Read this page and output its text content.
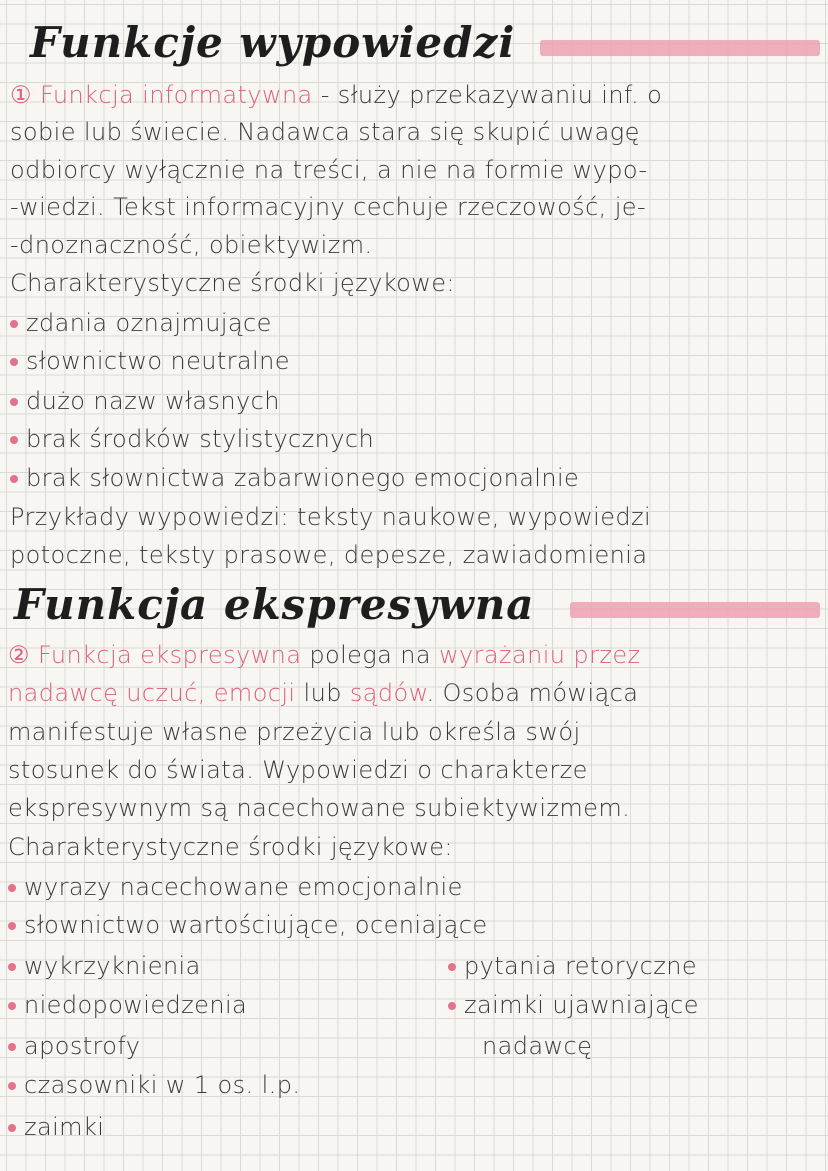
Funkcje wypowiedzi
Funkcja ekspresywna
① Funkcja informatywna - służy przekazywaniu inf. o
sobie lub świecie. Nadawca stara się skupić uwagę
odbiorcy wyłącznie na treści, a nie na formie wypo-
-wiedzi. Tekst informacyjny cechuje rzeczowość, je-
-dnoznaczność, obiektywizm.
Charakterystyczne środki językowe:
zdania oznajmujące
słownictwo neutralne
dużo nazw własnych
brak środków stylistycznych
brak słownictwa zabarwionego emocjonalnie
Przykłady wypowiedzi: teksty naukowe, wypowiedzi
potoczne, teksty prasowe, depesze, zawiadomienia
② Funkcja ekspresywna polega na wyrażaniu przez
nadawcę uczuć, emocji lub sądów. Osoba mówiąca
manifestuje własne przeżycia lub określa swój
stosunek do świata. Wypowiedzi o charakterze
ekspresywnym są nacechowane subiektywizmem.
Charakterystyczne środki językowe:
wyrazy nacechowane emocjonalnie
słownictwo wartościujące, oceniające
wykrzyknienia
niedopowiedzenia
apostrofy
czasowniki w 1 os. l.p.
zaimki
pytania retoryczne
zaimki ujawniające
nadawcę
